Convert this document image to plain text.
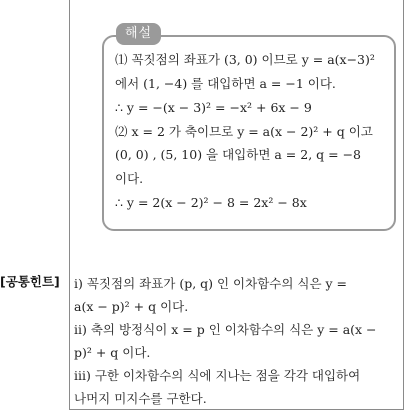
해설
⑴ 꼭짓점의 좌표가 (3, 0) 이므로 y = a(x−3)²
에서 (1, −4) 를 대입하면 a = −1 이다.
∴ y = −(x − 3)² = −x² + 6x − 9
⑵ x = 2 가 축이므로 y = a(x − 2)² + q 이고
(0, 0) , (5, 10) 을 대입하면 a = 2, q = −8
이다.
∴ y = 2(x − 2)² − 8 = 2x² − 8x
[공통힌트] ⅰ) 꼭짓점의 좌표가 (p, q) 인 이차함수의 식은 y =
a(x − p)² + q 이다.
ⅱ) 축의 방정식이 x = p 인 이차함수의 식은 y = a(x −
p)² + q 이다.
ⅲ) 구한 이차함수의 식에 지나는 점을 각각 대입하여
나머지 미지수를 구한다.
